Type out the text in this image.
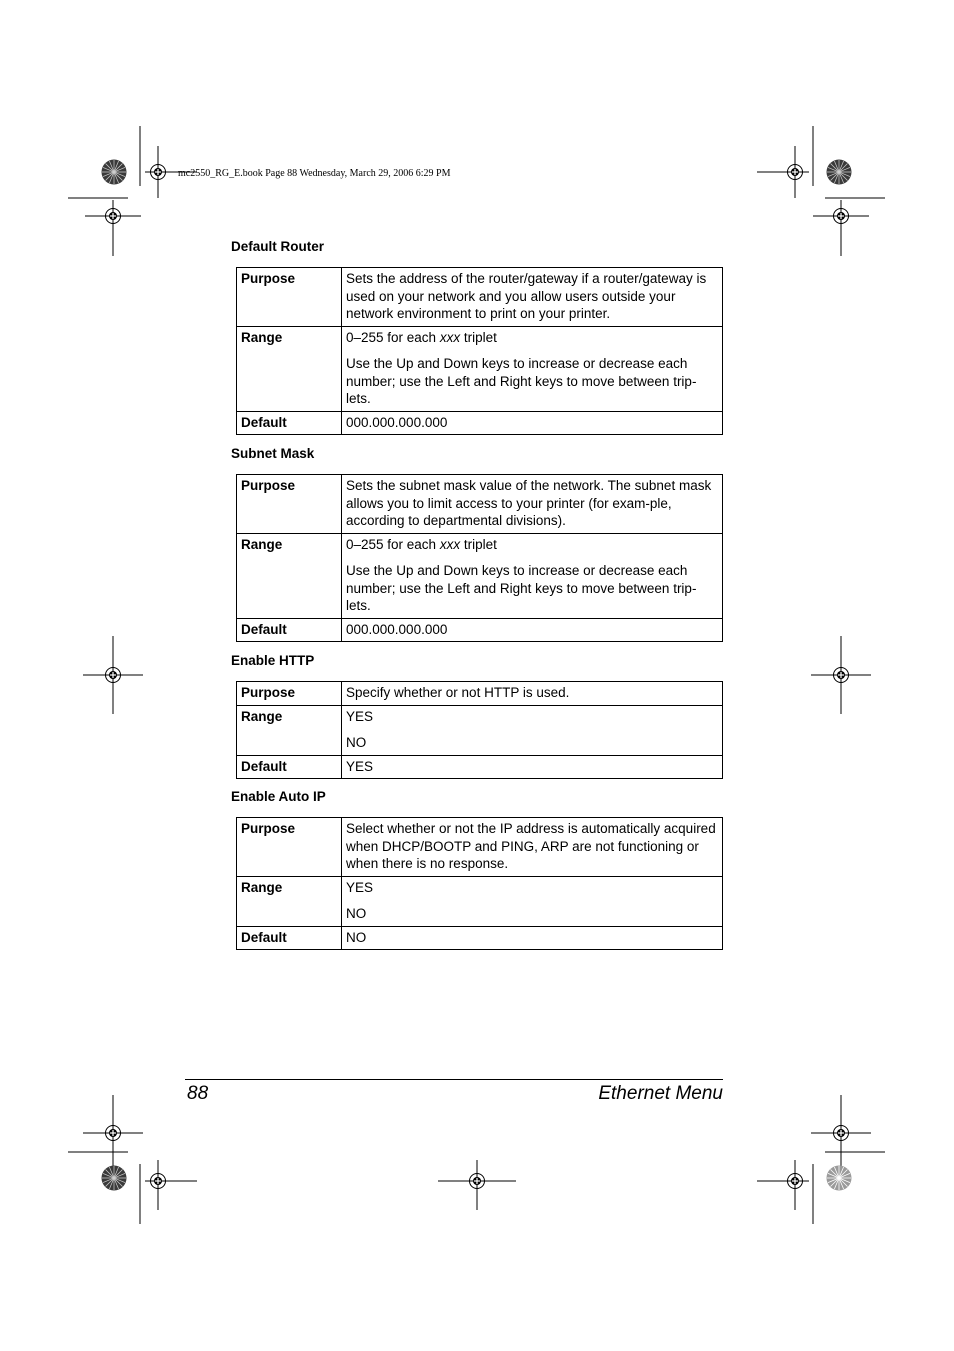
mc2550_RG_E.book Page 88 Wednesday, March 29, 2006 6:29 PM
Default Router
Purpose	Sets the address of the router/gateway if a router/gateway is used on your network and you allow users outside your network environment to print on your printer.
Range	0–255 for each xxx triplet

Use the Up and Down keys to increase or decrease each number; use the Left and Right keys to move between trip-lets.

Default	000.000.000.000
Subnet Mask
Purpose	Sets the subnet mask value of the network. The subnet mask allows you to limit access to your printer (for exam-ple, according to departmental divisions).
Range	0–255 for each xxx triplet

Use the Up and Down keys to increase or decrease each number; use the Left and Right keys to move between trip-lets.

Default	000.000.000.000
Enable HTTP
Purpose	Specify whether or not HTTP is used.
Range	YES

NO

Default	YES
Enable Auto IP
Purpose	Select whether or not the IP address is automatically acquired when DHCP/BOOTP and PING, ARP are not functioning or when there is no response.
Range	YES

NO

Default	NO
88	Ethernet Menu
